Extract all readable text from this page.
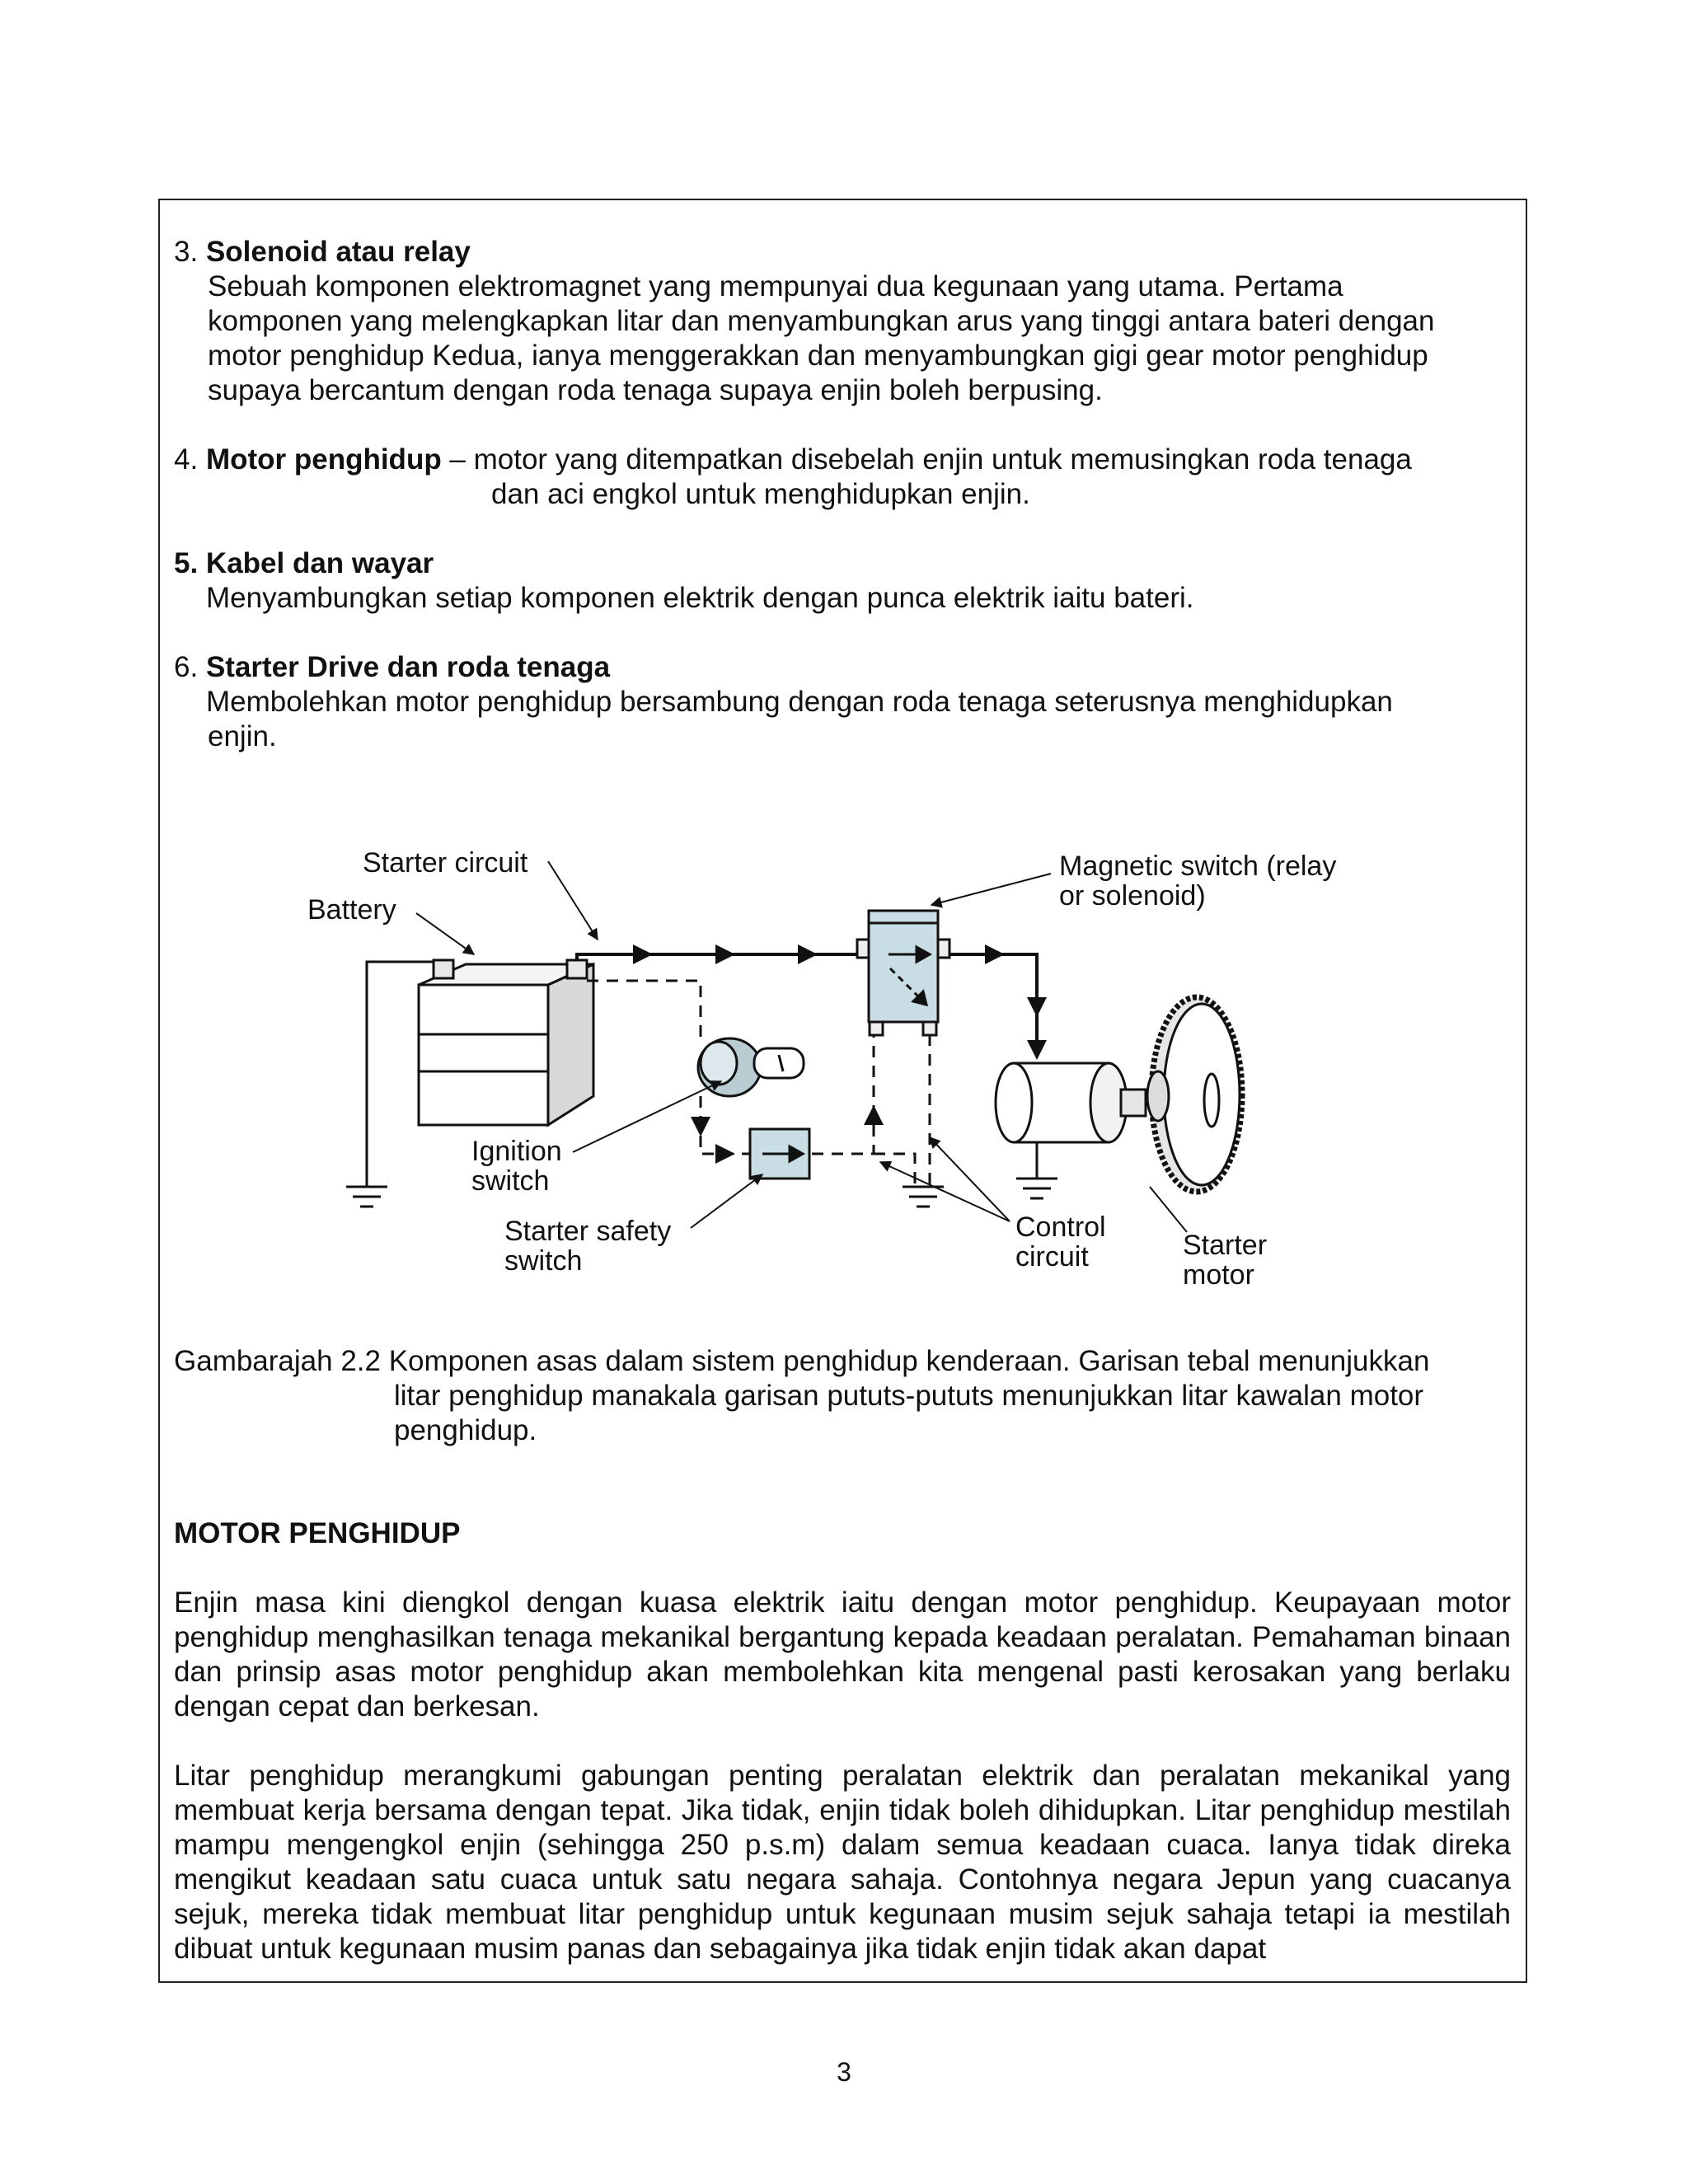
3. Solenoid atau relay
Sebuah komponen elektromagnet yang mempunyai dua kegunaan yang utama. Pertama
komponen yang melengkapkan litar dan menyambungkan arus yang tinggi antara bateri dengan
motor penghidup Kedua, ianya menggerakkan dan menyambungkan gigi gear motor penghidup
supaya bercantum dengan roda tenaga supaya enjin boleh berpusing.
4. Motor penghidup – motor yang ditempatkan disebelah enjin untuk memusingkan roda tenaga
dan aci engkol untuk menghidupkan enjin.
5. Kabel dan wayar
Menyambungkan setiap komponen elektrik dengan punca elektrik iaitu bateri.
6. Starter Drive dan roda tenaga
Membolehkan motor penghidup bersambung dengan roda tenaga seterusnya menghidupkan
enjin.
Starter circuit
Battery
Magnetic switch (relay
or solenoid)
Ignition
switch
Starter safety
switch
Control
circuit	Starter
motor
Gambarajah 2.2 Komponen asas dalam sistem penghidup kenderaan. Garisan tebal menunjukkan
litar penghidup manakala garisan pututs-pututs menunjukkan litar kawalan motor
penghidup.
MOTOR PENGHIDUP
Enjin masa kini diengkol dengan kuasa elektrik iaitu dengan motor penghidup. Keupayaan motor penghidup menghasilkan tenaga mekanikal bergantung kepada keadaan peralatan. Pemahaman binaan dan prinsip asas motor penghidup akan membolehkan kita mengenal pasti kerosakan yang berlaku dengan cepat dan berkesan.
Litar penghidup merangkumi gabungan penting peralatan elektrik dan peralatan mekanikal yang membuat kerja bersama dengan tepat. Jika tidak, enjin tidak boleh dihidupkan. Litar penghidup mestilah mampu mengengkol enjin (sehingga 250 p.s.m) dalam semua keadaan cuaca. Ianya tidak direka mengikut keadaan satu cuaca untuk satu negara sahaja. Contohnya negara Jepun yang cuacanya sejuk, mereka tidak membuat litar penghidup untuk kegunaan musim sejuk sahaja tetapi ia mestilah dibuat untuk kegunaan musim panas dan sebagainya jika tidak enjin tidak akan dapat
3
